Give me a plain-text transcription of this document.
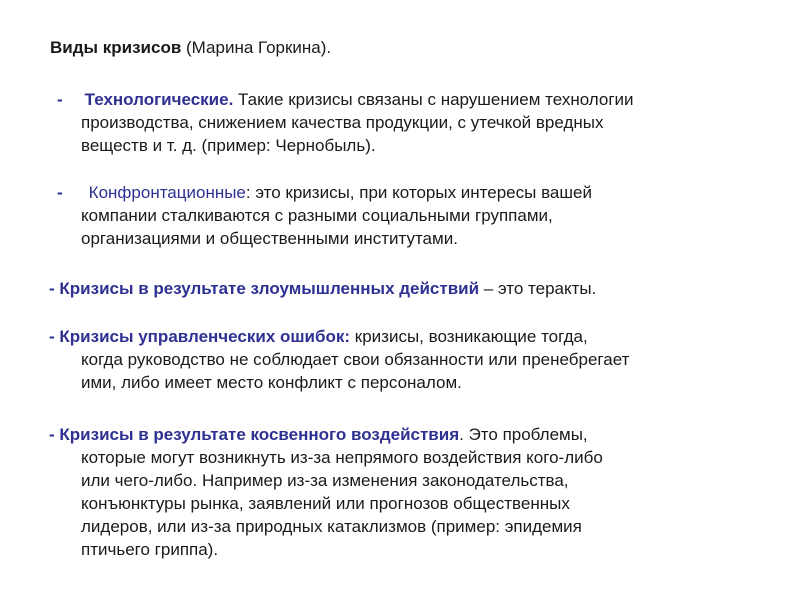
Виды кризисов (Марина Горкина).

- Технологические. Такие кризисы связаны с нарушением технологии
производства, снижением качества продукции, с утечкой вредных
веществ и т. д. (пример: Чернобыль).

- Конфронтационные: это кризисы, при которых интересы вашей
компании сталкиваются с разными социальными группами,
организациями и общественными институтами.

- Кризисы в результате злоумышленных действий – это теракты.

- Кризисы управленческих ошибок: кризисы, возникающие тогда,
когда руководство не соблюдает свои обязанности или пренебрегает
ими, либо имеет место конфликт с персоналом.

- Кризисы в результате косвенного воздействия. Это проблемы,
которые могут возникнуть из-за непрямого воздействия кого-либо
или чего-либо. Например из-за изменения законодательства,
конъюнктуры рынка, заявлений или прогнозов общественных
лидеров, или из-за природных катаклизмов (пример: эпидемия
птичьего гриппа).
